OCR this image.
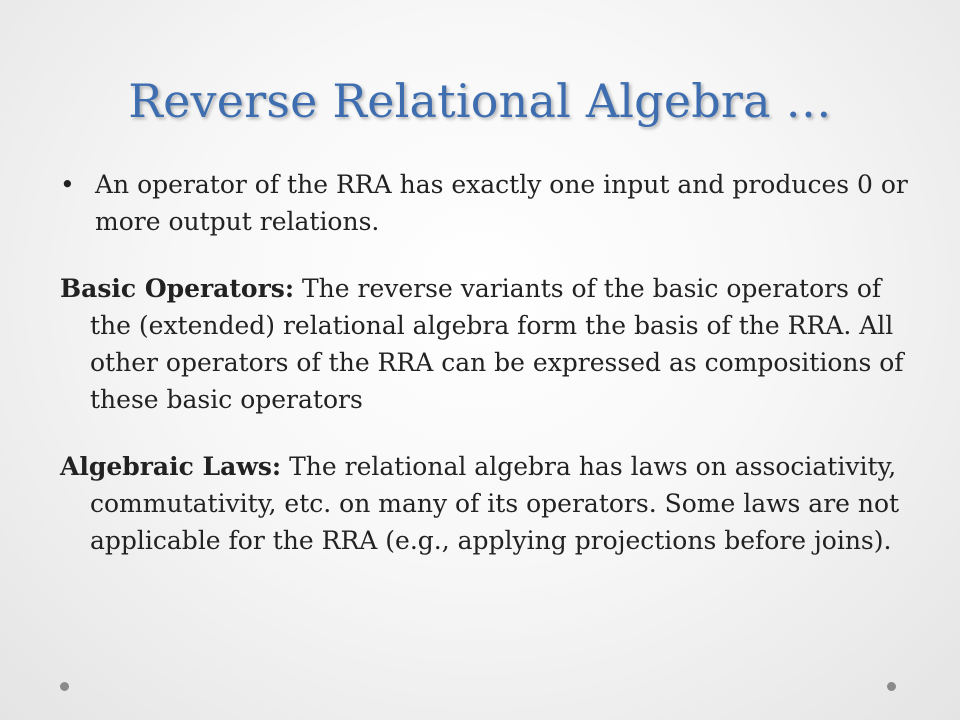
Reverse Relational Algebra …
• An operator of the RRA has exactly one input and produces 0 or more output relations.
Basic Operators: The reverse variants of the basic operators of the (extended) relational algebra form the basis of the RRA. All other operators of the RRA can be expressed as compositions of these basic operators
Algebraic Laws: The relational algebra has laws on associativity, commutativity, etc. on many of its operators. Some laws are not applicable for the RRA (e.g., applying projections before joins).
